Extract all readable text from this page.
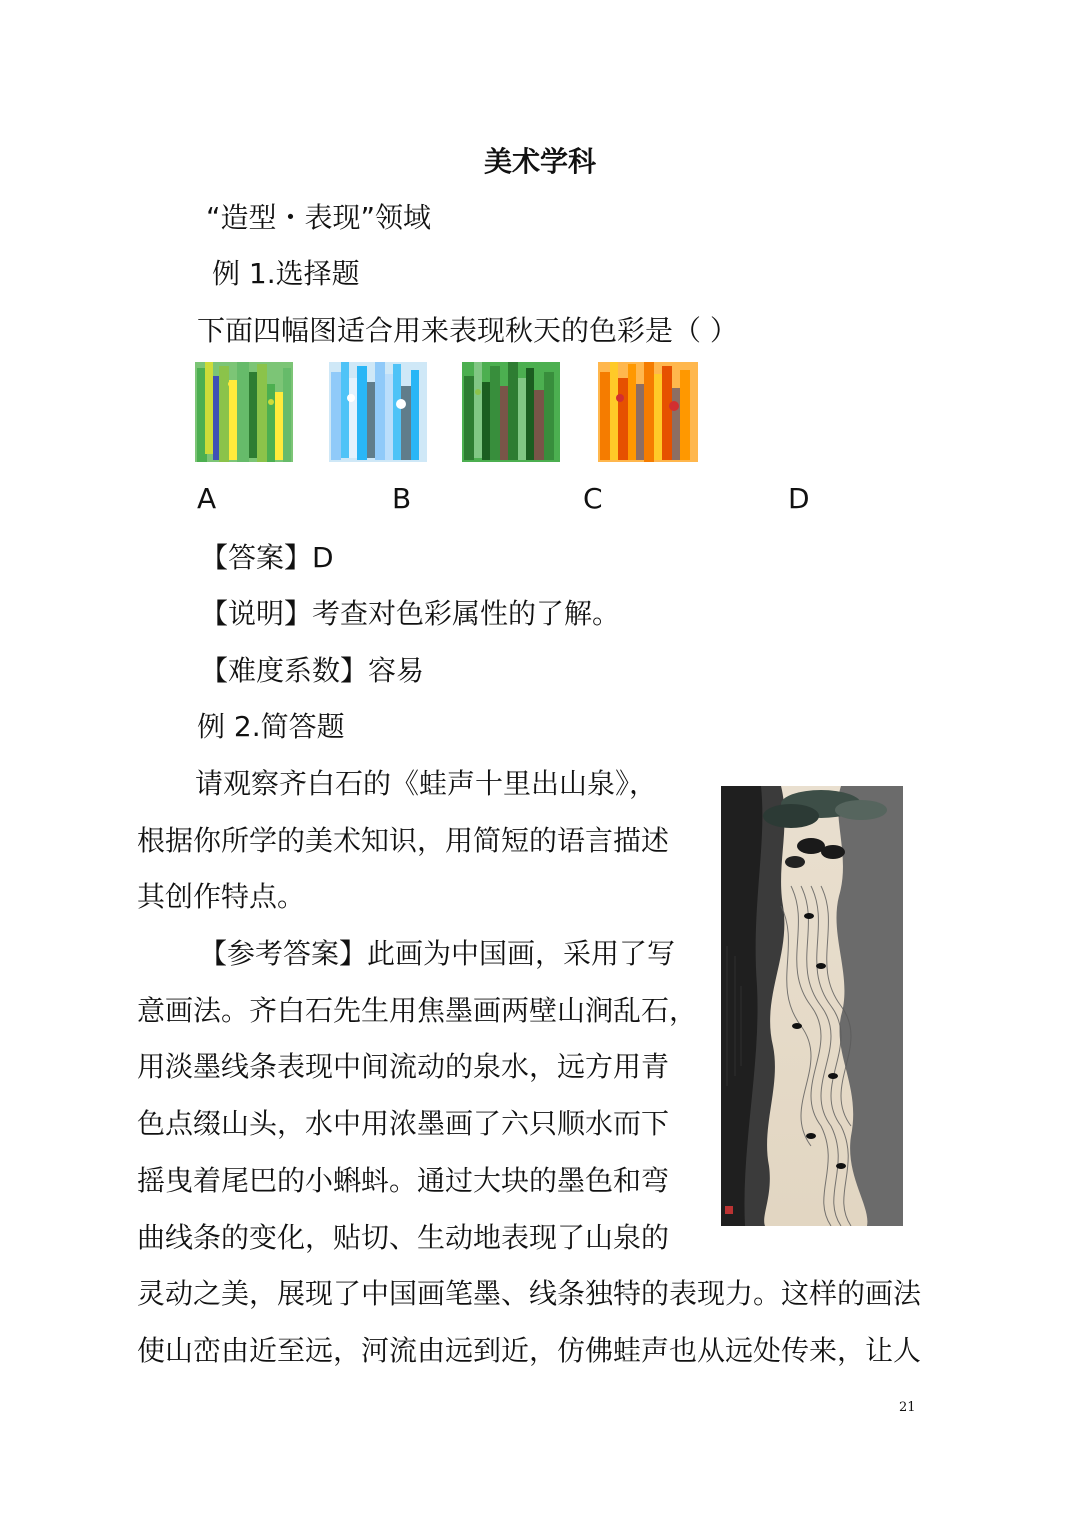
美术学科
“造型・表现”领域
例 1.选择题
下面四幅图适合用来表现秋天的色彩是（ ）
A	B	C	D
【答案】D
【说明】考查对色彩属性的了解。
【难度系数】容易
例 2.简答题
请观察齐白石的《蛙声十里出山泉》，
根据你所学的美术知识，用简短的语言描述
其创作特点。
【参考答案】此画为中国画，采用了写
意画法。齐白石先生用焦墨画两壁山涧乱石，
用淡墨线条表现中间流动的泉水，远方用青
色点缀山头，水中用浓墨画了六只顺水而下
摇曳着尾巴的小蝌蚪。通过大块的墨色和弯
曲线条的变化，贴切、生动地表现了山泉的
灵动之美，展现了中国画笔墨、线条独特的表现力。这样的画法
使山峦由近至远，河流由远到近，仿佛蛙声也从远处传来，让人
21
